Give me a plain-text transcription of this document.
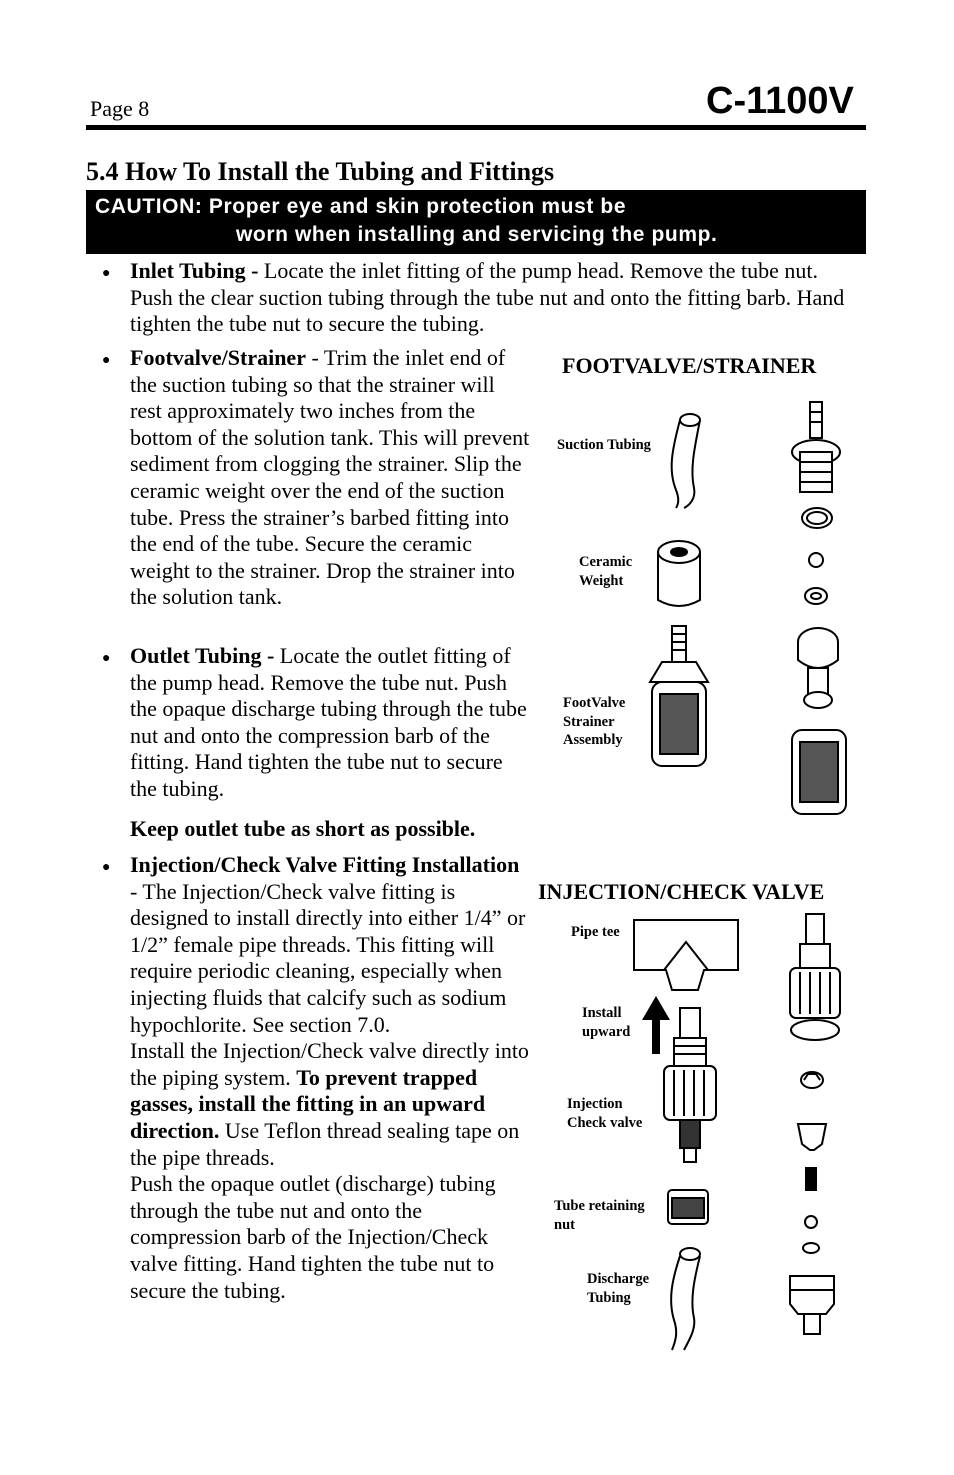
Page 8	C-1100V
5.4 How To Install the Tubing and Fittings
CAUTION: Proper eye and skin protection must be
worn when installing and servicing the pump.
● Inlet Tubing - Locate the inlet fitting of the pump head. Remove the tube nut. Push the clear suction tubing through the tube nut and onto the fitting barb. Hand tighten the tube nut to secure the tubing.
● Footvalve/Strainer - Trim the inlet end of the suction tubing so that the strainer will rest approximately two inches from the bottom of the solution tank. This will prevent sediment from clogging the strainer. Slip the ceramic weight over the end of the suction tube. Press the strainer’s barbed fitting into the end of the tube. Secure the ceramic weight to the strainer. Drop the strainer into the solution tank.
● Outlet Tubing - Locate the outlet fitting of the pump head. Remove the tube nut. Push the opaque discharge tubing through the tube nut and onto the compression barb of the fitting. Hand tighten the tube nut to secure the tubing.
Keep outlet tube as short as possible.
● Injection/Check Valve Fitting Installation - The Injection/Check valve fitting is designed to install directly into either 1/4” or 1/2” female pipe threads. This fitting will require periodic cleaning, especially when injecting fluids that calcify such as sodium hypochlorite. See section 7.0.
Install the Injection/Check valve directly into the piping system. To prevent trapped gasses, install the fitting in an upward direction. Use Teflon thread sealing tape on the pipe threads.
Push the opaque outlet (discharge) tubing through the tube nut and onto the compression barb of the Injection/Check valve fitting. Hand tighten the tube nut to secure the tubing.
FOOTVALVE/STRAINER
Suction Tubing
Ceramic
Weight
FootValve
Strainer
Assembly
INJECTION/CHECK VALVE
Pipe tee
Install
upward
Injection
Check valve
Tube retaining
nut
Discharge
Tubing
